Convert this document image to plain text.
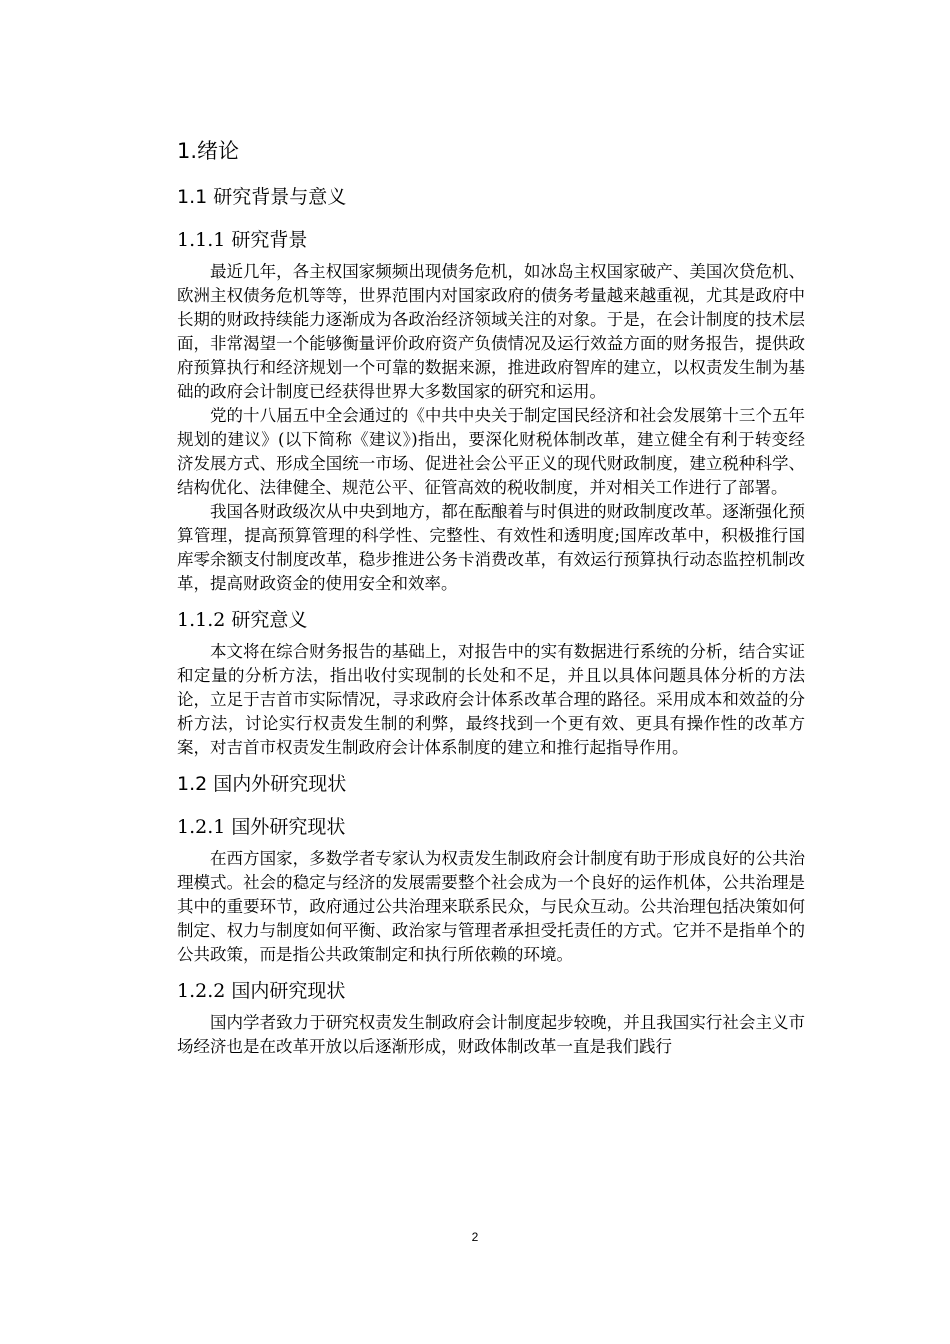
1.绪论
1.1 研究背景与意义
1.1.1 研究背景

最近几年，各主权国家频频出现债务危机，如冰岛主权国家破产、美国次贷危机、欧洲主权债务危机等等，世界范围内对国家政府的债务考量越来越重视，尤其是政府中长期的财政持续能力逐渐成为各政治经济领域关注的对象。于是，在会计制度的技术层面，非常渴望一个能够衡量评价政府资产负债情况及运行效益方面的财务报告，提供政府预算执行和经济规划一个可靠的数据来源，推进政府智库的建立，以权责发生制为基础的政府会计制度已经获得世界大多数国家的研究和运用。

党的十八届五中全会通过的《中共中央关于制定国民经济和社会发展第十三个五年规划的建议》(以下简称《建议》)指出，要深化财税体制改革，建立健全有利于转变经济发展方式、形成全国统一市场、促进社会公平正义的现代财政制度，建立税种科学、结构优化、法律健全、规范公平、征管高效的税收制度，并对相关工作进行了部署。

我国各财政级次从中央到地方，都在酝酿着与时俱进的财政制度改革。逐渐强化预算管理，提高预算管理的科学性、完整性、有效性和透明度;国库改革中，积极推行国库零余额支付制度改革，稳步推进公务卡消费改革，有效运行预算执行动态监控机制改革，提高财政资金的使用安全和效率。

1.1.2 研究意义

本文将在综合财务报告的基础上，对报告中的实有数据进行系统的分析，结合实证和定量的分析方法，指出收付实现制的长处和不足，并且以具体问题具体分析的方法论，立足于吉首市实际情况，寻求政府会计体系改革合理的路径。采用成本和效益的分析方法，讨论实行权责发生制的利弊，最终找到一个更有效、更具有操作性的改革方案，对吉首市权责发生制政府会计体系制度的建立和推行起指导作用。

1.2 国内外研究现状
1.2.1 国外研究现状

在西方国家，多数学者专家认为权责发生制政府会计制度有助于形成良好的公共治理模式。社会的稳定与经济的发展需要整个社会成为一个良好的运作机体，公共治理是其中的重要环节，政府通过公共治理来联系民众，与民众互动。公共治理包括决策如何制定、权力与制度如何平衡、政治家与管理者承担受托责任的方式。它并不是指单个的公共政策，而是指公共政策制定和执行所依赖的环境。

1.2.2 国内研究现状

国内学者致力于研究权责发生制政府会计制度起步较晚，并且我国实行社会主义市场经济也是在改革开放以后逐渐形成，财政体制改革一直是我们践行

2
